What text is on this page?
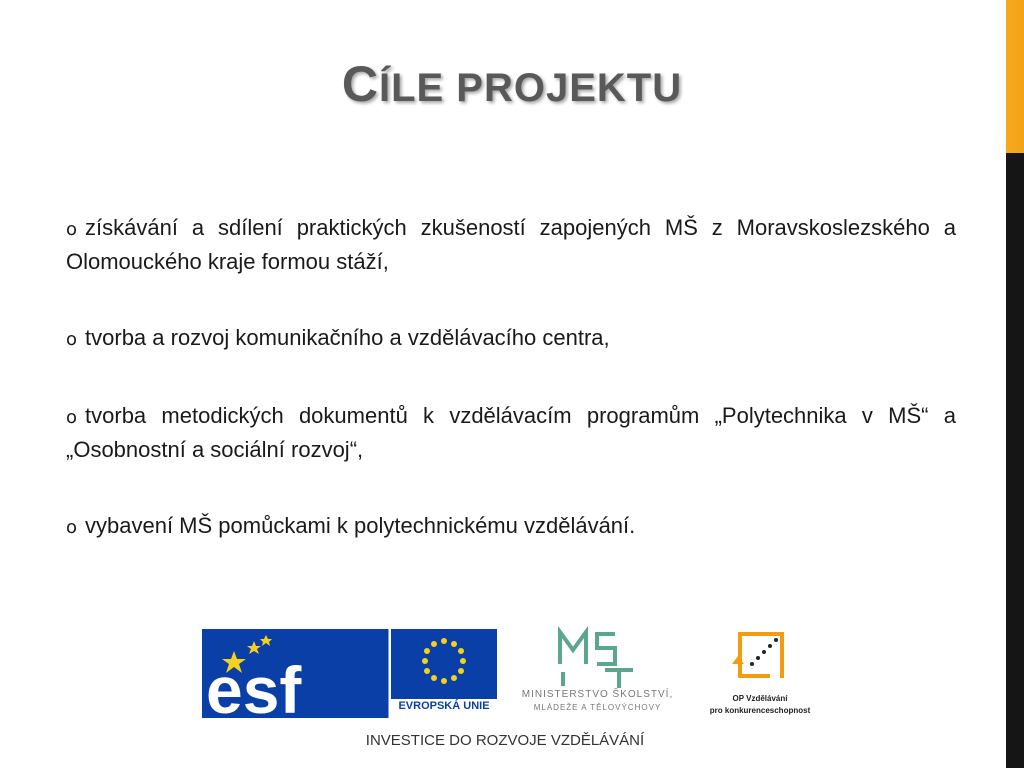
CÍLE PROJEKTU
o získávání a sdílení praktických zkušeností zapojených MŠ z Moravskoslezského a Olomouckého kraje formou stáží,
o tvorba a rozvoj komunikačního a vzdělávacího centra,
o tvorba metodických dokumentů k vzdělávacím programům „Polytechnika v MŠ“ a „Osobnostní a sociální rozvoj“,
o vybavení MŠ pomůckami k polytechnickému vzdělávání.
esf evropský
sociální
fond v ČR	EVROPSKÁ UNIE
MINISTERSTVO ŠKOLSTVÍ,
MLÁDEŽE A TĚLOVÝCHOVY
OP Vzdělávání
pro konkurenceschopnost
INVESTICE DO ROZVOJE VZDĚLÁVÁNÍ
